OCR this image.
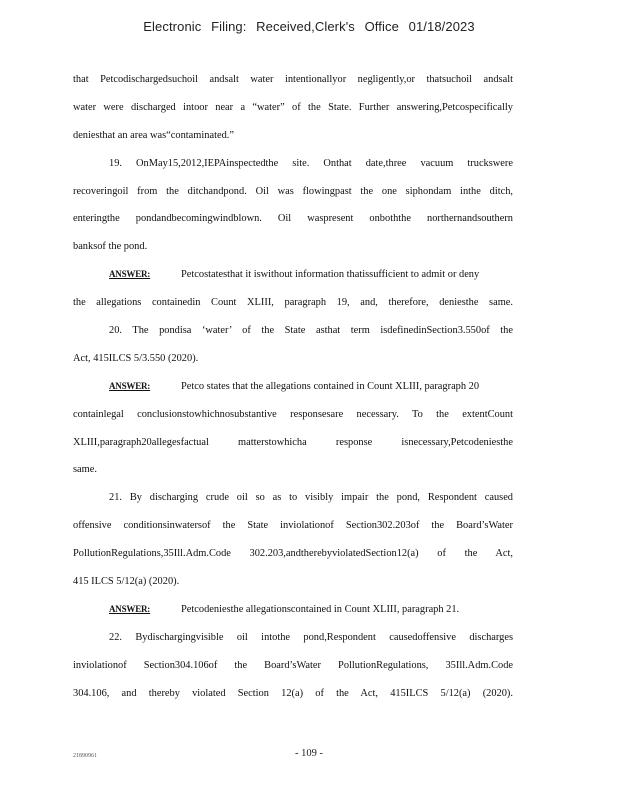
Electronic Filing: Received,Clerk's Office 01/18/2023
that Petcodischargedsuchoil andsalt water intentionallyor negligently,or thatsuchoil andsalt
water were discharged intoor near a “water” of the State. Further answering,Petcospecifically
deniesthat an area was“contaminated.”
19. OnMay15,2012,IEPAinspectedthe site. Onthat date,three vacuum truckswere
recoveringoil from the ditchandpond. Oil was flowingpast the one siphondam inthe ditch,
enteringthe pondandbecomingwindblown. Oil waspresent onboththe northernandsouthern
banksof the pond.
ANSWER:	Petcostatesthat it iswithout information thatissufficient to admit or deny
the allegations containedin Count XLIII, paragraph 19, and, therefore, deniesthe same.
20. The pondisa ‘water’ of the State asthat term isdefinedinSection3.550of the
Act, 415ILCS 5/3.550 (2020).
ANSWER:	Petco states that the allegations contained in Count XLIII, paragraph 20
containlegal conclusionstowhichnosubstantive responsesare necessary. To the extentCount
XLIII,paragraph20allegesfactual matterstowhicha response isnecessary,Petcodeniesthe
same.
21. By discharging crude oil so as to visibly impair the pond, Respondent caused
offensive conditionsinwatersof the State inviolationof Section302.203of the Board’sWater
PollutionRegulations,35Ill.Adm.Code 302.203,andtherebyviolatedSection12(a) of the Act,
415 ILCS 5/12(a) (2020).
ANSWER:	Petcodeniesthe allegationscontained in Count XLIII, paragraph 21.
22. Bydischargingvisible oil intothe pond,Respondent causedoffensive discharges
inviolationof Section304.106of the Board’sWater PollutionRegulations, 35Ill.Adm.Code
304.106, and thereby violated Section 12(a) of the Act, 415ILCS 5/12(a) (2020).
21890961	- 109 -
